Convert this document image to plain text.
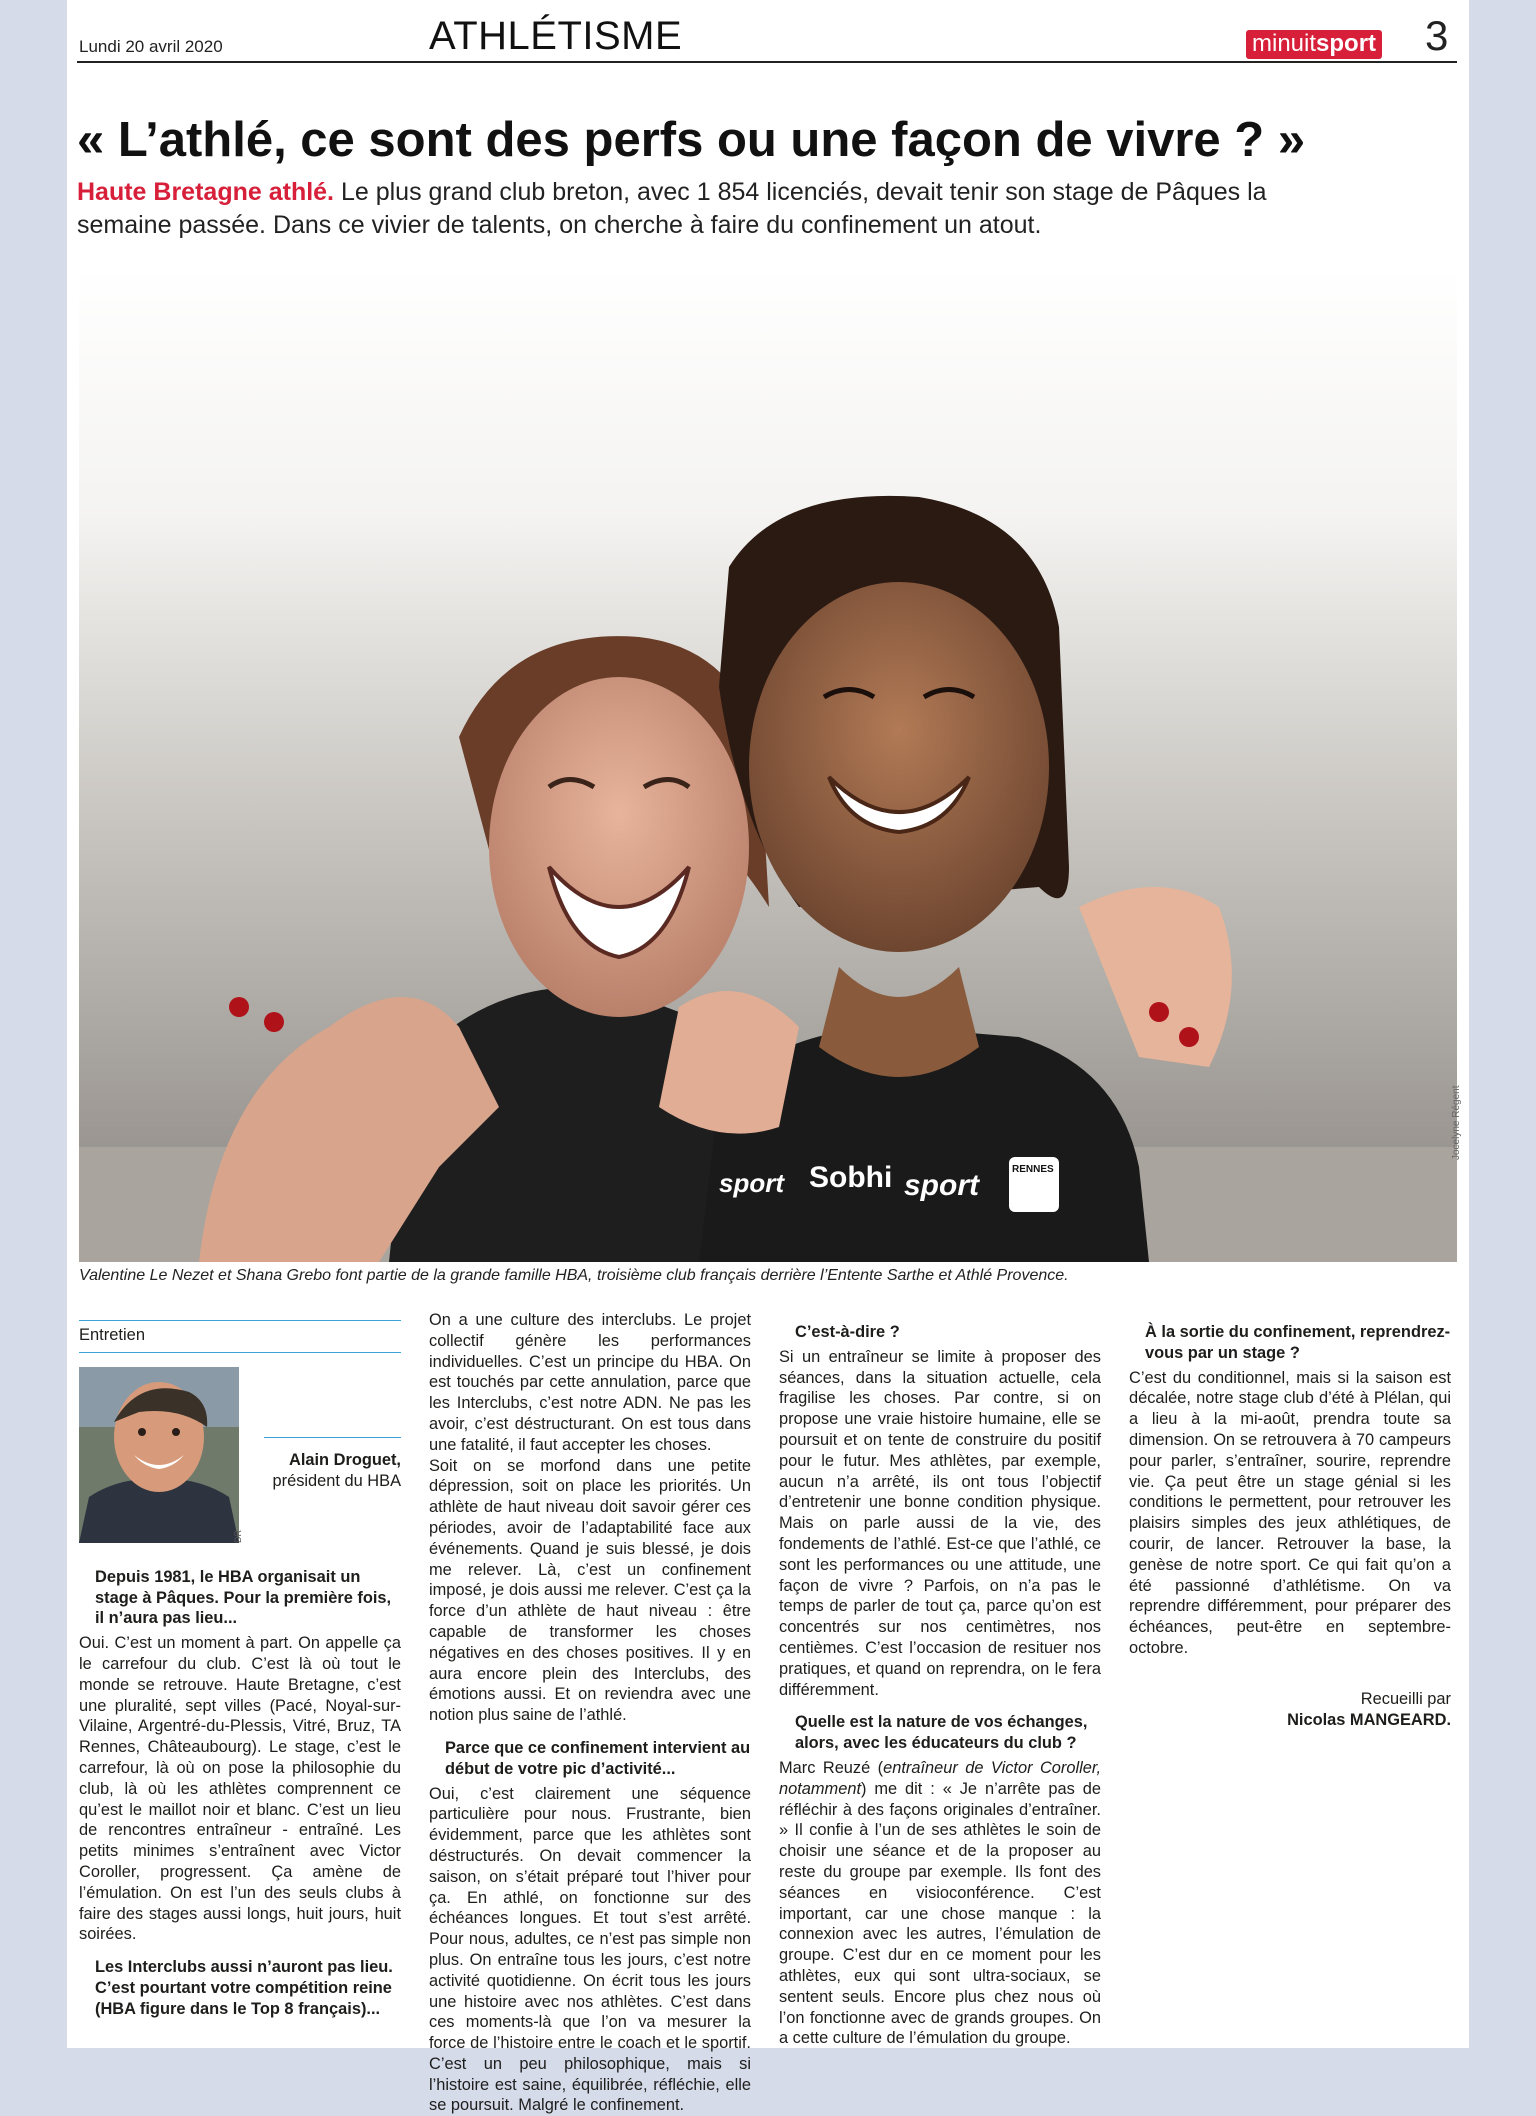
Lundi 20 avril 2020	ATHLÉTISME	minuitsport 3
« L’athlé, ce sont des perfs ou une façon de vivre ? »
Haute Bretagne athlé. Le plus grand club breton, avec 1 854 licenciés, devait tenir son stage de Pâques la semaine passée. Dans ce vivier de talents, on cherche à faire du confinement un atout.
sport Sobhi sport	RENNES
Jocelyne Régent
Valentine Le Nezet et Shana Grebo font partie de la grande famille HBA, troisième club français derrière l’Entente Sarthe et Athlé Provence.
Entretien
DR
Alain Droguet,
président du HBA

Depuis 1981, le HBA organisait un stage à Pâques. Pour la première fois, il n’aura pas lieu...

Oui. C’est un moment à part. On appelle ça le carrefour du club. C’est là où tout le monde se retrouve. Haute Bretagne, c’est une pluralité, sept villes (Pacé, Noyal-sur-Vilaine, Argentré-du-Plessis, Vitré, Bruz, TA Rennes, Châteaubourg). Le stage, c’est le carrefour, là où on pose la philosophie du club, là où les athlètes comprennent ce qu’est le maillot noir et blanc. C’est un lieu de rencontres entraîneur - entraîné. Les petits minimes s’entraînent avec Victor Coroller, progressent. Ça amène de l’émulation. On est l’un des seuls clubs à faire des stages aussi longs, huit jours, huit soirées.

Les Interclubs aussi n’auront pas lieu. C’est pourtant votre compétition reine (HBA figure dans le Top 8 français)...

On a une culture des interclubs. Le projet collectif génère les performances individuelles. C’est un principe du HBA. On est touchés par cette annulation, parce que les Interclubs, c’est notre ADN. Ne pas les avoir, c’est déstructurant. On est tous dans une fatalité, il faut accepter les choses.

Soit on se morfond dans une petite dépression, soit on place les priorités. Un athlète de haut niveau doit savoir gérer ces périodes, avoir de l’adaptabilité face aux événements. Quand je suis blessé, je dois me relever. Là, c’est un confinement imposé, je dois aussi me relever. C’est ça la force d’un athlète de haut niveau : être capable de transformer les choses négatives en des choses positives. Il y en aura encore plein des Interclubs, des émotions aussi. Et on reviendra avec une notion plus saine de l’athlé.

Parce que ce confinement intervient au début de votre pic d’activité...

Oui, c’est clairement une séquence particulière pour nous. Frustrante, bien évidemment, parce que les athlètes sont déstructurés. On devait commencer la saison, on s’était préparé tout l’hiver pour ça. En athlé, on fonctionne sur des échéances longues. Et tout s’est arrêté. Pour nous, adultes, ce n’est pas simple non plus. On entraîne tous les jours, c’est notre activité quotidienne. On écrit tous les jours une histoire avec nos athlètes. C’est dans ces moments-là que l’on va mesurer la force de l’histoire entre le coach et le sportif. C’est un peu philosophique, mais si l’histoire est saine, équilibrée, réfléchie, elle se poursuit. Malgré le confinement.

C’est-à-dire ?

Si un entraîneur se limite à proposer des séances, dans la situation actuelle, cela fragilise les choses. Par contre, si on propose une vraie histoire humaine, elle se poursuit et on tente de construire du positif pour le futur. Mes athlètes, par exemple, aucun n’a arrêté, ils ont tous l’objectif d’entretenir une bonne condition physique. Mais on parle aussi de la vie, des fondements de l’athlé. Est-ce que l’athlé, ce sont les performances ou une attitude, une façon de vivre ? Parfois, on n’a pas le temps de parler de tout ça, parce qu’on est concentrés sur nos centimètres, nos centièmes. C’est l’occasion de resituer nos pratiques, et quand on reprendra, on le fera différemment.

Quelle est la nature de vos échanges, alors, avec les éducateurs du club ?

Marc Reuzé (entraîneur de Victor Coroller, notamment) me dit : « Je n’arrête pas de réfléchir à des façons originales d’entraîner. » Il confie à l’un de ses athlètes le soin de choisir une séance et de la proposer au reste du groupe par exemple. Ils font des séances en visioconférence. C’est important, car une chose manque : la connexion avec les autres, l’émulation de groupe. C’est dur en ce moment pour les athlètes, eux qui sont ultra-sociaux, se sentent seuls. Encore plus chez nous où l’on fonctionne avec de grands groupes. On a cette culture de l’émulation du groupe.

À la sortie du confinement, reprendrez-vous par un stage ?

C’est du conditionnel, mais si la saison est décalée, notre stage club d’été à Plélan, qui a lieu à la mi-août, prendra toute sa dimension. On se retrouvera à 70 campeurs pour parler, s’entraîner, sourire, reprendre vie. Ça peut être un stage génial si les conditions le permettent, pour retrouver les plaisirs simples des jeux athlétiques, de courir, de lancer. Retrouver la base, la genèse de notre sport. Ce qui fait qu’on a été passionné d’athlétisme. On va reprendre différemment, pour préparer des échéances, peut-être en septembre-octobre.

Recueilli par
Nicolas MANGEARD.
